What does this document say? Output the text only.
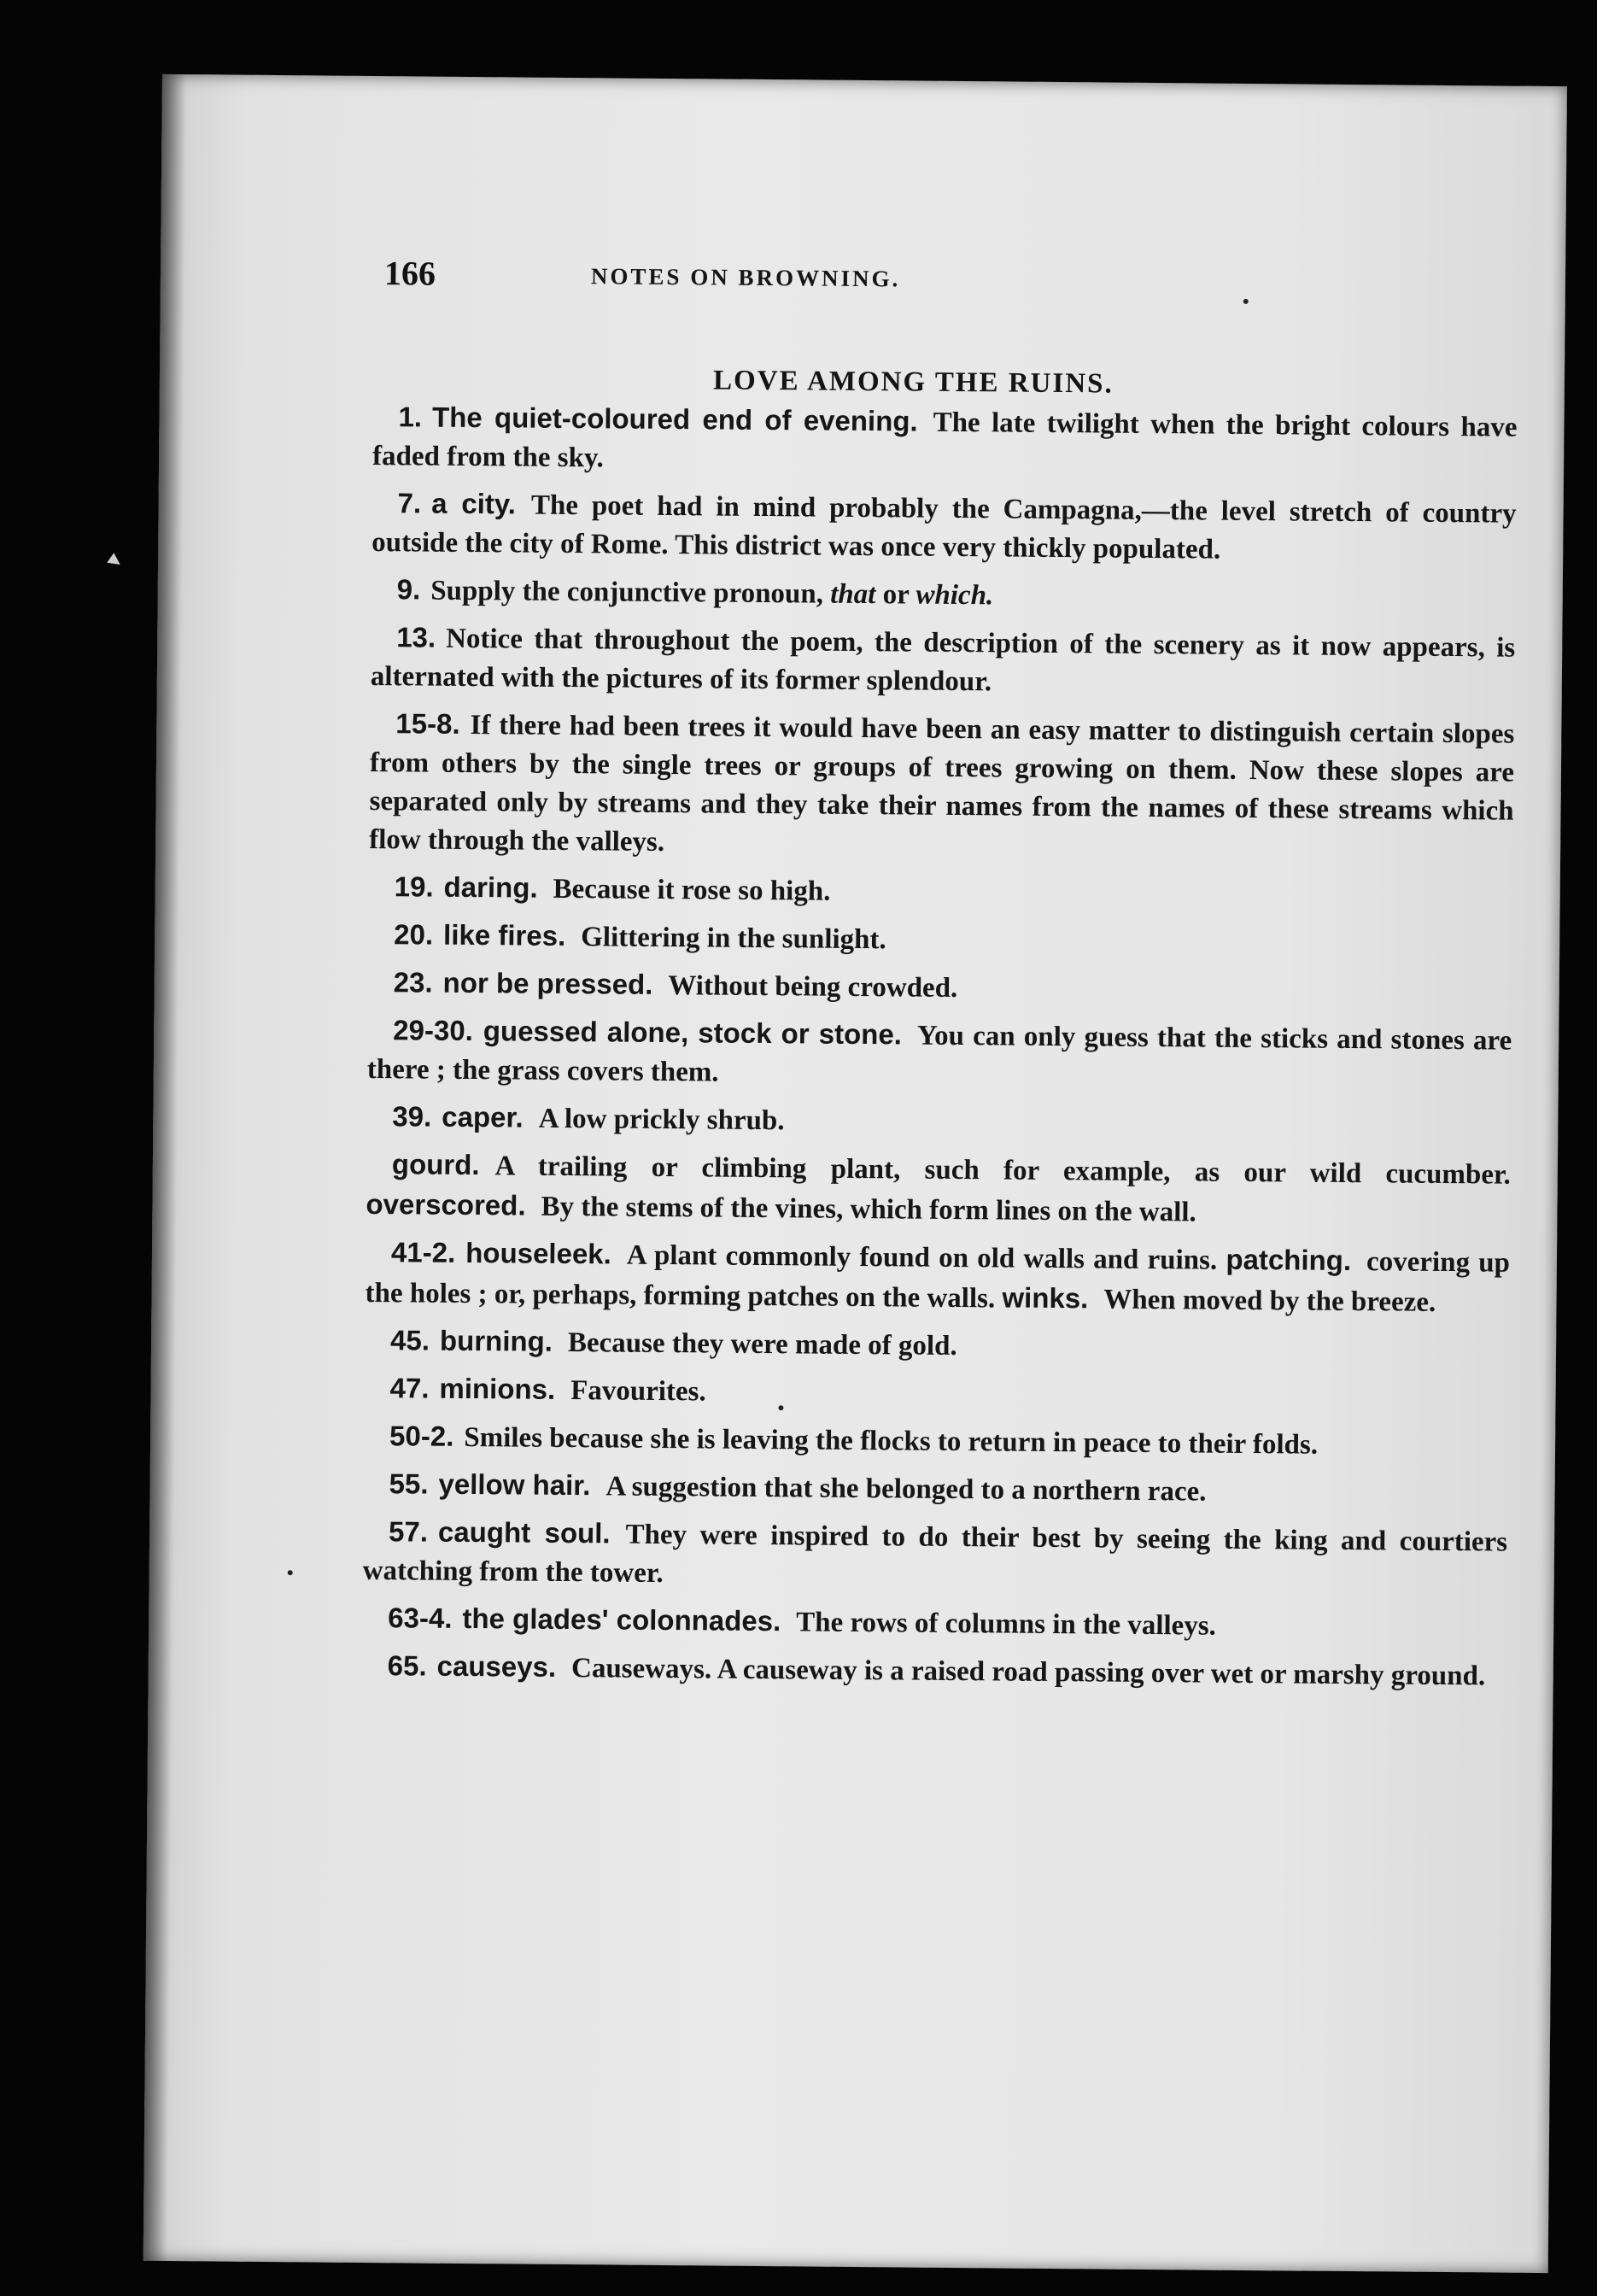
166	NOTES ON BROWNING.
LOVE AMONG THE RUINS.

1. The quiet-coloured end of evening. The late twilight when the bright colours have faded from the sky.

7. a city. The poet had in mind probably the Campagna,—the level stretch of country outside the city of Rome. This district was once very thickly populated.

9. Supply the conjunctive pronoun, that or which.

13. Notice that throughout the poem, the description of the scenery as it now appears, is alternated with the pictures of its former splendour.

15-8. If there had been trees it would have been an easy matter to distinguish certain slopes from others by the single trees or groups of trees growing on them. Now these slopes are separated only by streams and they take their names from the names of these streams which flow through the valleys.

19. daring. Because it rose so high.

20. like fires. Glittering in the sunlight.

23. nor be pressed. Without being crowded.

29-30. guessed alone, stock or stone. You can only guess that the sticks and stones are there ; the grass covers them.

39. caper. A low prickly shrub.

gourd. A trailing or climbing plant, such for example, as our wild cucumber. overscored. By the stems of the vines, which form lines on the wall.

41-2. houseleek. A plant commonly found on old walls and ruins. patching. covering up the holes ; or, perhaps, forming patches on the walls. winks. When moved by the breeze.

45. burning. Because they were made of gold.

47. minions. Favourites.

50-2. Smiles because she is leaving the flocks to return in peace to their folds.

55. yellow hair. A suggestion that she belonged to a northern race.

57. caught soul. They were inspired to do their best by seeing the king and courtiers watching from the tower.

63-4. the glades' colonnades. The rows of columns in the valleys.

65. causeys. Causeways. A causeway is a raised road passing over wet or marshy ground.
